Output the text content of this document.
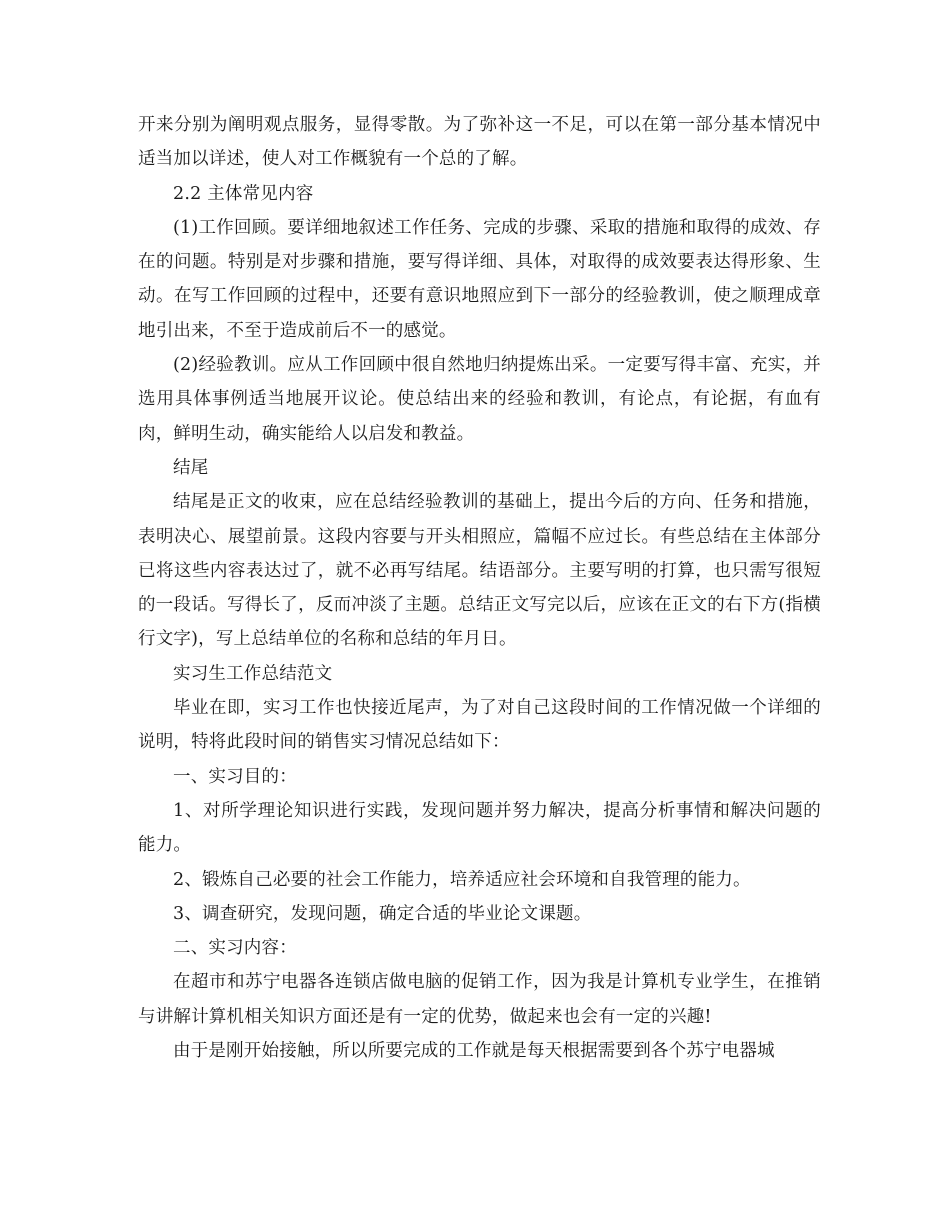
开来分别为阐明观点服务，显得零散。为了弥补这一不足，可以在第一部分基本情况中适当加以详述，使人对工作概貌有一个总的了解。

2.2 主体常见内容

(1)工作回顾。要详细地叙述工作任务、完成的步骤、采取的措施和取得的成效、存在的问题。特别是对步骤和措施，要写得详细、具体，对取得的成效要表达得形象、生动。在写工作回顾的过程中，还要有意识地照应到下一部分的经验教训，使之顺理成章地引出来，不至于造成前后不一的感觉。

(2)经验教训。应从工作回顾中很自然地归纳提炼出采。一定要写得丰富、充实，并选用具体事例适当地展开议论。使总结出来的经验和教训，有论点，有论据，有血有肉，鲜明生动，确实能给人以启发和教益。

结尾

结尾是正文的收束，应在总结经验教训的基础上，提出今后的方向、任务和措施，表明决心、展望前景。这段内容要与开头相照应，篇幅不应过长。有些总结在主体部分已将这些内容表达过了，就不必再写结尾。结语部分。主要写明的打算，也只需写很短的一段话。写得长了，反而冲淡了主题。总结正文写完以后，应该在正文的右下方(指横行文字)，写上总结单位的名称和总结的年月日。

实习生工作总结范文

毕业在即，实习工作也快接近尾声，为了对自己这段时间的工作情况做一个详细的说明，特将此段时间的销售实习情况总结如下：

一、实习目的：

1、对所学理论知识进行实践，发现问题并努力解决，提高分析事情和解决问题的能力。

2、锻炼自己必要的社会工作能力，培养适应社会环境和自我管理的能力。

3、调查研究，发现问题，确定合适的毕业论文课题。

二、实习内容：

在超市和苏宁电器各连锁店做电脑的促销工作，因为我是计算机专业学生，在推销与讲解计算机相关知识方面还是有一定的优势，做起来也会有一定的兴趣!

由于是刚开始接触，所以所要完成的工作就是每天根据需要到各个苏宁电器城
